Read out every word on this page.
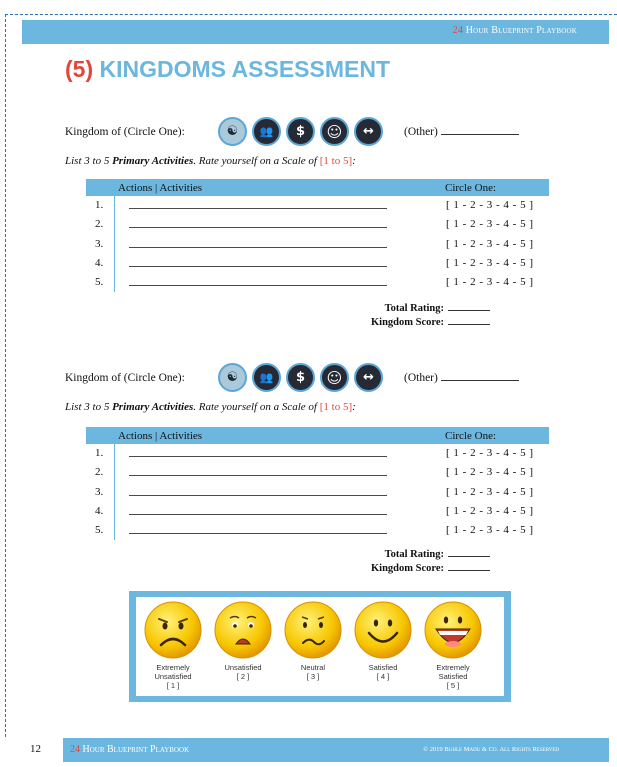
24 Hour Blueprint Playbook
(5) KINGDOMS ASSESSMENT
Kingdom of (Circle One):	☯	👥	$	☺	↔	(Other)
List 3 to 5 Primary Activities. Rate yourself on a Scale of [1 to 5]:
Actions | Activities	Circle One:
1.	[ 1 - 2 - 3 - 4 - 5 ]
2.	[ 1 - 2 - 3 - 4 - 5 ]
3.	[ 1 - 2 - 3 - 4 - 5 ]
4.	[ 1 - 2 - 3 - 4 - 5 ]
5.	[ 1 - 2 - 3 - 4 - 5 ]
Total Rating:
Kingdom Score:
Kingdom of (Circle One):	☯	👥	$	☺	↔	(Other)
List 3 to 5 Primary Activities. Rate yourself on a Scale of [1 to 5]:
Actions | Activities	Circle One:
1.	[ 1 - 2 - 3 - 4 - 5 ]
2.	[ 1 - 2 - 3 - 4 - 5 ]
3.	[ 1 - 2 - 3 - 4 - 5 ]
4.	[ 1 - 2 - 3 - 4 - 5 ]
5.	[ 1 - 2 - 3 - 4 - 5 ]
Total Rating:
Kingdom Score:
Extremely
Unsatisfied
[ 1 ]
Unsatisfied
[ 2 ]
Neutral
[ 3 ]
Satisfied
[ 4 ]
Extremely
Satisfied
[ 5 ]
12	24 Hour Blueprint Playbook	© 2019 Buhle Madu & Co. All Rights Reserved
